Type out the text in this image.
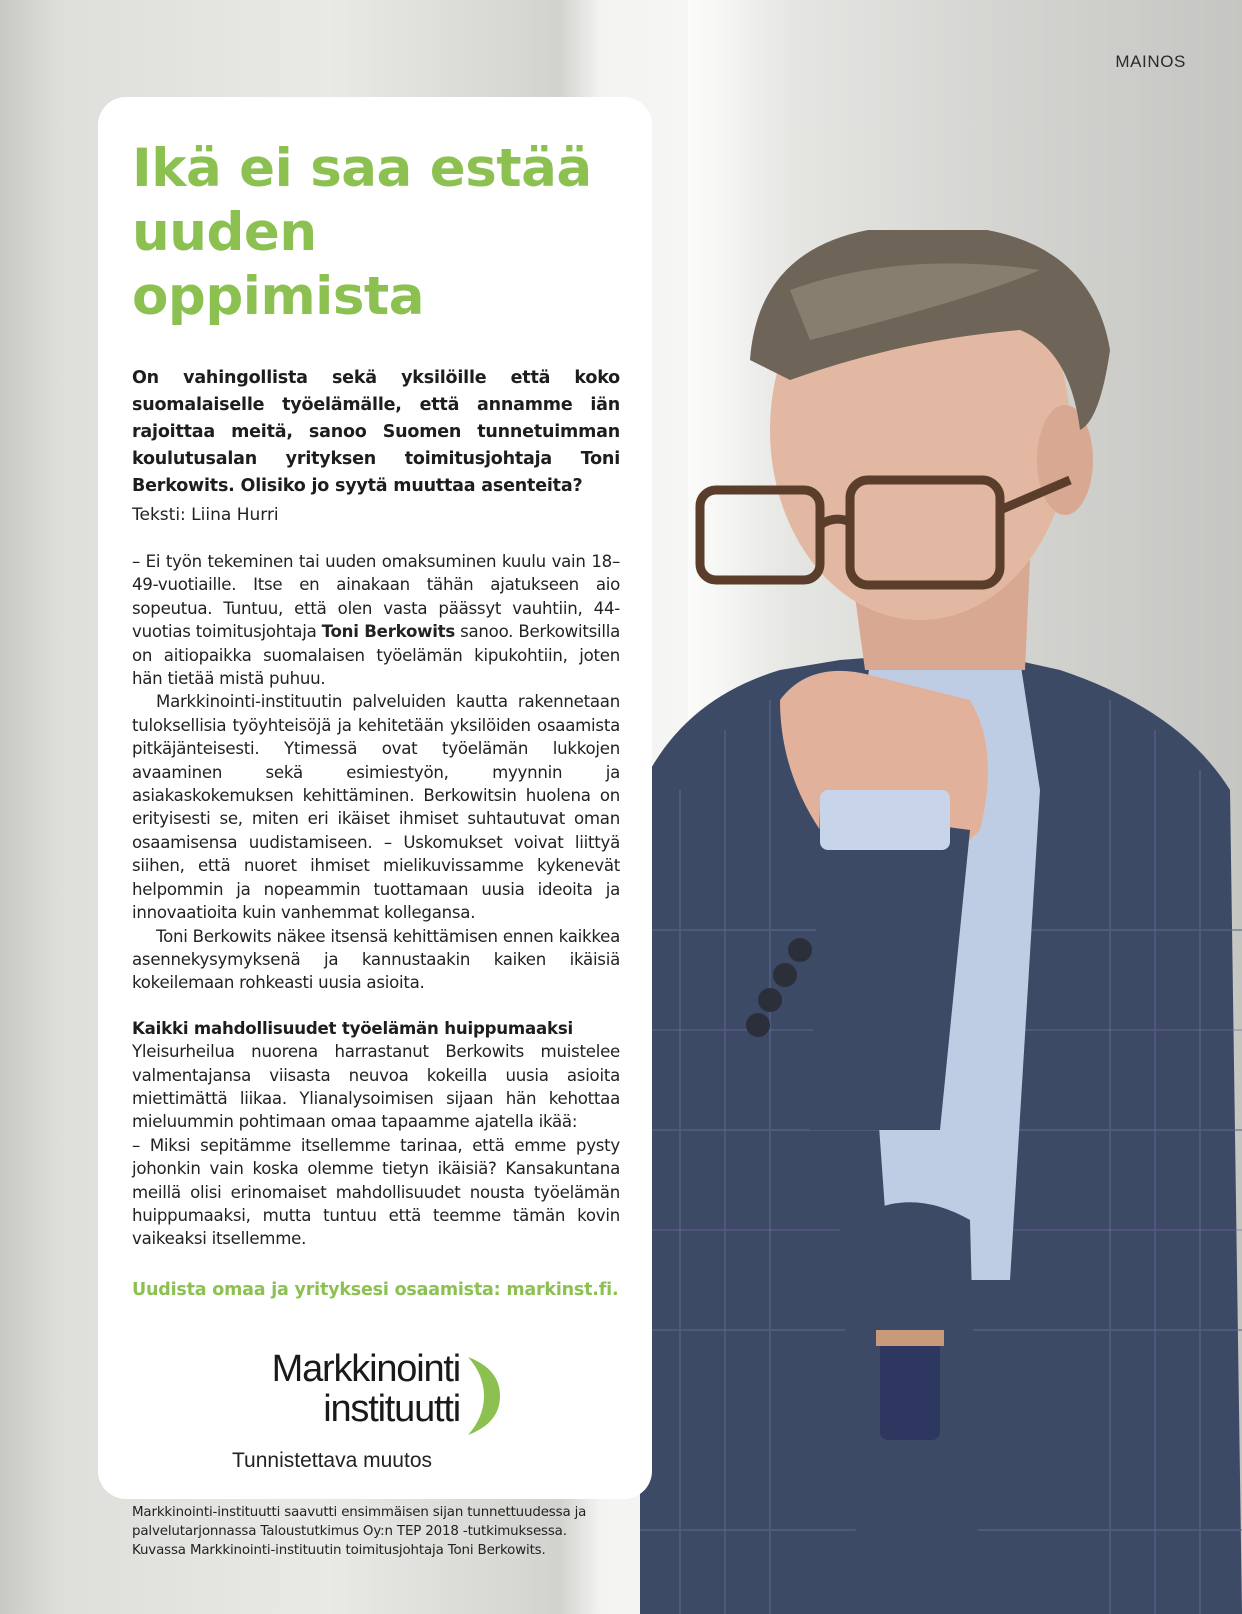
MAINOS
Ikä ei saa estää uuden oppimista

On vahingollista sekä yksilöille että koko suomalaiselle työelämälle, että annamme iän rajoittaa meitä, sanoo Suomen tunnetuimman koulutusalan yrityksen toimitusjohtaja Toni Berkowits. Olisiko jo syytä muuttaa asenteita?

Teksti: Liina Hurri

– Ei työn tekeminen tai uuden omaksuminen kuulu vain 18–49-vuotiaille. Itse en ainakaan tähän ajatukseen aio sopeutua. Tuntuu, että olen vasta päässyt vauhtiin, 44-vuotias toimitusjohtaja Toni Berkowits sanoo. Berkowitsilla on aitiopaikka suomalaisen työelämän kipukohtiin, joten hän tietää mistä puhuu.

Markkinointi-instituutin palveluiden kautta rakennetaan tuloksellisia työyhteisöjä ja kehitetään yksilöiden osaamista pitkäjänteisesti. Ytimessä ovat työelämän lukkojen avaaminen sekä esimiestyön, myynnin ja asiakaskokemuksen kehittäminen. Berkowitsin huolena on erityisesti se, miten eri ikäiset ihmiset suhtautuvat oman osaamisensa uudistamiseen. – Uskomukset voivat liittyä siihen, että nuoret ihmiset mielikuvissamme kykenevät helpommin ja nopeammin tuottamaan uusia ideoita ja innovaatioita kuin vanhemmat kollegansa.

Toni Berkowits näkee itsensä kehittämisen ennen kaikkea asennekysymyksenä ja kannustaakin kaiken ikäisiä kokeilemaan rohkeasti uusia asioita.

Kaikki mahdollisuudet työelämän huippumaaksi

Yleisurheilua nuorena harrastanut Berkowits muistelee valmentajansa viisasta neuvoa kokeilla uusia asioita miettimättä liikaa. Ylianalysoimisen sijaan hän kehottaa mieluummin pohtimaan omaa tapaamme ajatella ikää:

– Miksi sepitämme itsellemme tarinaa, että emme pysty johonkin vain koska olemme tietyn ikäisiä? Kansakuntana meillä olisi erinomaiset mahdollisuudet nousta työelämän huippumaaksi, mutta tuntuu että teemme tämän kovin vaikeaksi itsellemme.

Uudista omaa ja yrityksesi osaamista: markinst.fi.

Markkinointi
instituutti
Tunnistettava muutos

Markkinointi-instituutti saavutti ensimmäisen sijan tunnettuudessa ja palvelutarjonnassa Taloustutkimus Oy:n TEP 2018 -tutkimuksessa. Kuvassa Markkinointi-instituutin toimitusjohtaja Toni Berkowits.
